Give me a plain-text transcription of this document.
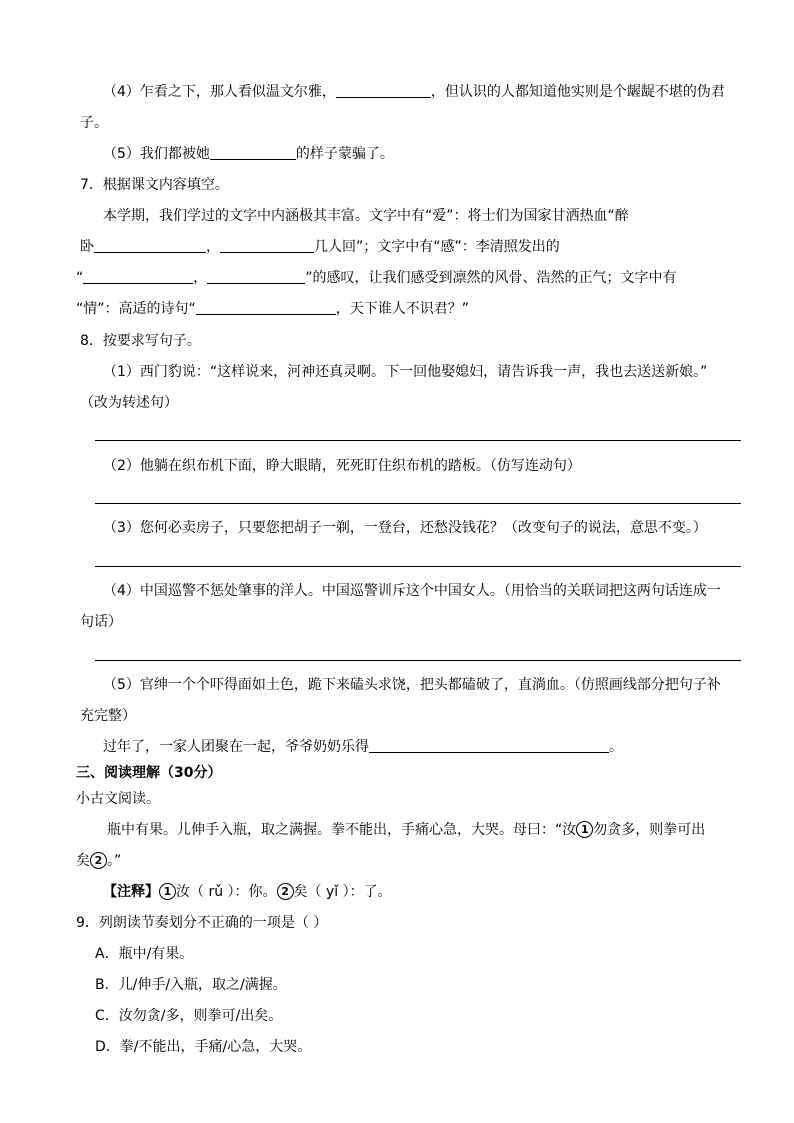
（4）乍看之下，那人看似温文尔雅，	，但认识的人都知道他实则是个龌龊不堪的伪君
子。
（5）我们都被她	的样子蒙骗了。
7．根据课文内容填空。
本学期，我们学过的文字中内涵极其丰富。文字中有“爱”：将士们为国家甘洒热血“醉
卧	，	几人回”；文字中有“感”：李清照发出的
“	，	”的感叹，让我们感受到凛然的风骨、浩然的正气；文字中有
“情”：高适的诗句“	，天下谁人不识君？”
8．按要求写句子。
（1）西门豹说：“这样说来，河神还真灵啊。下一回他娶媳妇，请告诉我一声，我也去送送新娘。”
（改为转述句）
（2）他躺在织布机下面，睁大眼睛，死死盯住织布机的踏板。（仿写连动句）
（3）您何必卖房子，只要您把胡子一剃，一登台，还愁没钱花？（改变句子的说法，意思不变。）
（4）中国巡警不惩处肇事的洋人。中国巡警训斥这个中国女人。（用恰当的关联词把这两句话连成一
句话）
（5）官绅一个个吓得面如土色，跪下来磕头求饶，把头都磕破了，直淌血。（仿照画线部分把句子补
充完整）
过年了，一家人团聚在一起，爷爷奶奶乐得	。
三、阅读理解（30分）
小古文阅读。
瓶中有果。儿伸手入瓶，取之满握。拳不能出，手痛心急，大哭。母曰：“汝 1 勿贪多，则拳可出
矣 2 。”
【注释】 1 汝（ rǔ ）：你。 2 矣（ yǐ ）：了。
9．列朗读节奏划分不正确的一项是（ ）
A．瓶中/有果。
B．儿/伸手/入瓶，取之/满握。
C．汝勿贪/多，则拳可/出矣。
D．拳/不能出，手痛/心急，大哭。
